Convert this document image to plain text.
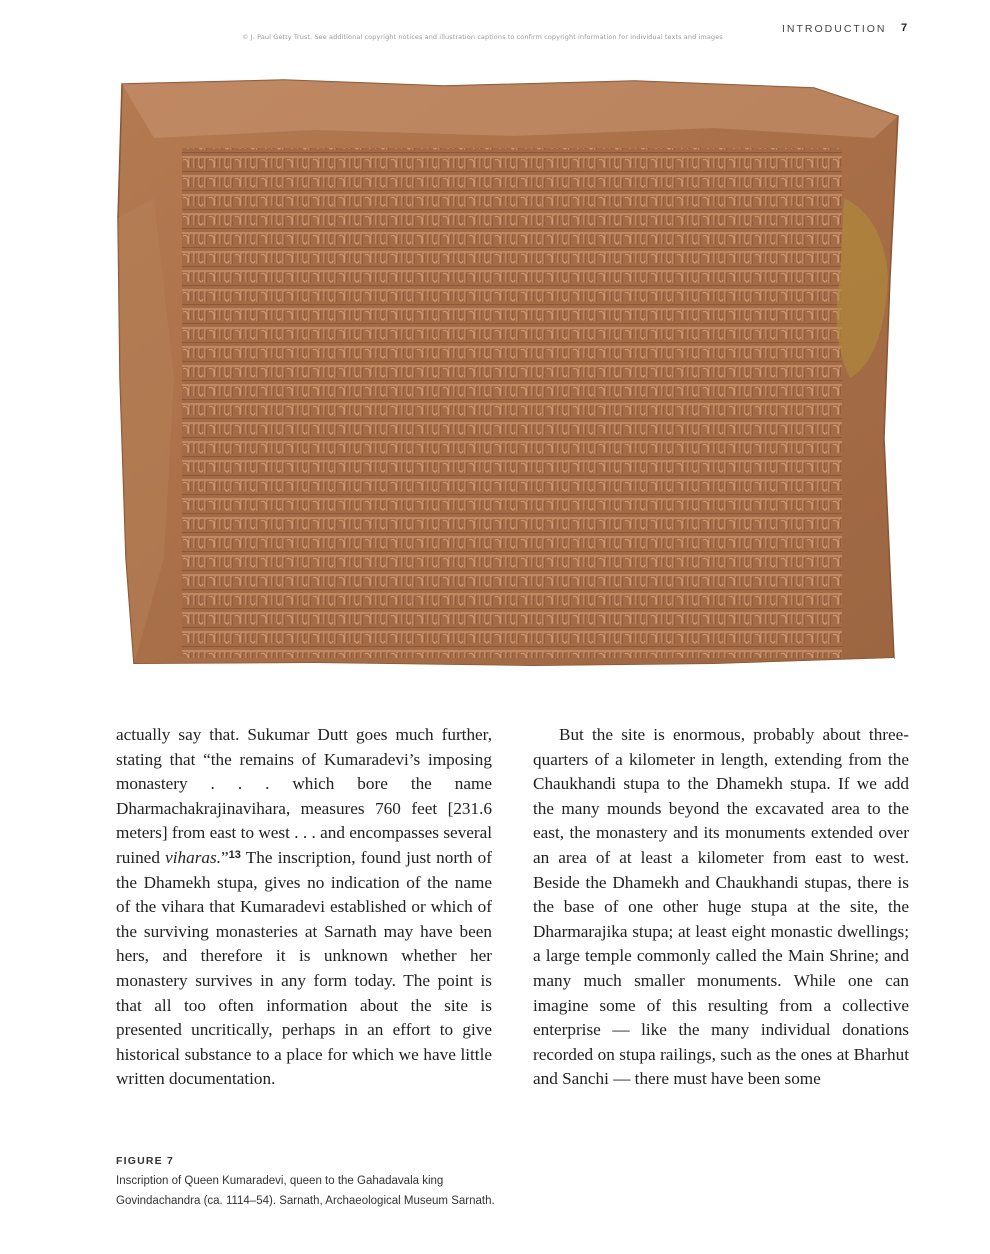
© J. Paul Getty Trust. See additional copyright notices and illustration captions to confirm copyright information for individual texts and images
INTRODUCTION 7

actually say that. Sukumar Dutt goes much further, stating that “the remains of Kumaradevi’s imposing monastery . . . which bore the name Dharmachakrajinavihara, measures 760 feet [231.6 meters] from east to west . . . and encompasses several ruined viharas.”$^{13}$ The inscription, found just north of the Dhamekh stupa, gives no indication of the name of the vihara that Kumaradevi established or which of the surviving monasteries at Sarnath may have been hers, and therefore it is unknown whether her monastery survives in any form today. The point is that all too often information about the site is presented uncritically, perhaps in an effort to give historical substance to a place for which we have little written documentation.

But the site is enormous, probably about three-quarters of a kilometer in length, extending from the Chaukhandi stupa to the Dhamekh stupa. If we add the many mounds beyond the excavated area to the east, the monastery and its monuments extended over an area of at least a kilometer from east to west. Beside the Dhamekh and Chaukhandi stupas, there is the base of one other huge stupa at the site, the Dharmarajika stupa; at least eight monastic dwellings; a large temple commonly called the Main Shrine; and many much smaller monuments. While one can imagine some of this resulting from a collective enterprise — like the many individual donations recorded on stupa railings, such as the ones at Bharhut and Sanchi — there must have been some

FIGURE 7
Inscription of Queen Kumaradevi, queen to the Gahadavala king Govindachandra (ca. 1114–54). Sarnath, Archaeological Museum Sarnath.
